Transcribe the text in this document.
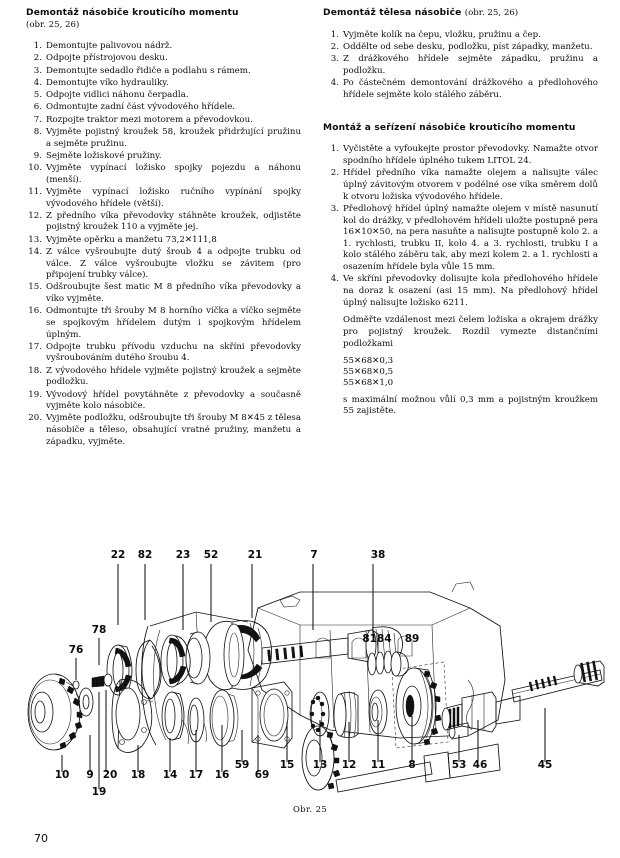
Demontáž násobiče krouticího momentu
(obr. 25, 26)
1. Demontujte palivovou nádrž.
2. Odpojte přístrojovou desku.
3. Demontujte sedadlo řidiče a podlahu s rámem.
4. Demontujte víko hydrauliky.
5. Odpojte vidlici náhonu čerpadla.
6. Odmontujte zadní část vývodového hřídele.
7. Rozpojte traktor mezi motorem a převodovkou.
8. Vyjměte pojistný kroužek 58, kroužek přidržující pružinu a sejměte pružinu.
9. Sejměte ložiskové pružiny.
10. Vyjměte vypínací ložisko spojky pojezdu a náhonu (menší).
11. Vyjměte vypínací ložisko ručního vypínání spojky vývodového hřídele (větší).
12. Z předního víka převodovky stáhněte kroužek, odjistěte pojistný kroužek 110 a vyjměte jej.
13. Vyjměte opěrku a manžetu 73,2✕111,8
14. Z válce vyšroubujte dutý šroub 4 a odpojte trubku od válce. Z válce vyšroubujte vložku se závitem (pro připojení trubky válce).
15. Odšroubujte šest matic M 8 předního víka převodovky a víko vyjměte.
16. Odmontujte tři šrouby M 8 horního víčka a víčko sejměte se spojkovým hřídelem dutým i spojkovým hřídelem úplným.
17. Odpojte trubku přívodu vzduchu na skříni převodovky vyšroubováním dutého šroubu 4.
18. Z vývodového hřídele vyjměte pojistný kroužek a sejměte podložku.
19. Vývodový hřídel povytáhněte z převodovky a současně vyjměte kolo násobiče.
20. Vyjměte podložku, odšroubujte tři šrouby M 8✕45 z tělesa násobiče a těleso, obsahující vratné pružiny, manžetu a západku, vyjměte.
Demontáž tělesa násobiče (obr. 25, 26)
1. Vyjměte kolík na čepu, vložku, pružinu a čep.
2. Oddělte od sebe desku, podložku, píst západky, manžetu.
3. Z drážkového hřídele sejměte západku, pružinu a podložku.
4. Po částečném demontování drážkového a předlohového hřídele sejměte kolo stálého záběru.
Montáž a seřízení násobiče krouticího momentu
1. Vyčistěte a vyfoukejte prostor převodovky. Namažte otvor spodního hřídele úplného tukem LITOL 24.
2. Hřídel předního víka namažte olejem a nalisujte válec úplný závitovým otvorem v podélné ose víka směrem dolů k otvoru ložiska vývodového hřídele.
3. Předlohový hřídel úplný namažte olejem v místě nasunutí kol do drážky, v předlohovém hřídeli uložte postupně pera 16✕10✕50, na pera nasuňte a nalisujte postupně kolo 2. a 1. rychlosti, trubku II, kolo 4. a 3. rychlosti, trubku I a kolo stálého záběru tak, aby mezi kolem 2. a 1. rychlosti a osazením hřídele byla vůle 15 mm.
4. Ve skříni převodovky dolisujte kola předlohového hřídele na doraz k osazení (asi 15 mm). Na předlohový hřídel úplný nalisujte ložisko 6211.

Odměřte vzdálenost mezi čelem ložiska a okrajem drážky pro pojistný kroužek. Rozdíl vymezte distančními podložkami

55✕68✕0,3
55✕68✕0,5
55✕68✕1,0

s maximální možnou vůlí 0,3 mm a pojistným kroužkem 55 zajistěte.

22 82 23 52	21	7	38
8184 89
78
76
10 9 20
19
18 14 17 16
59
69
15 13 12 11 8	53 46	45
Obr. 25
70
